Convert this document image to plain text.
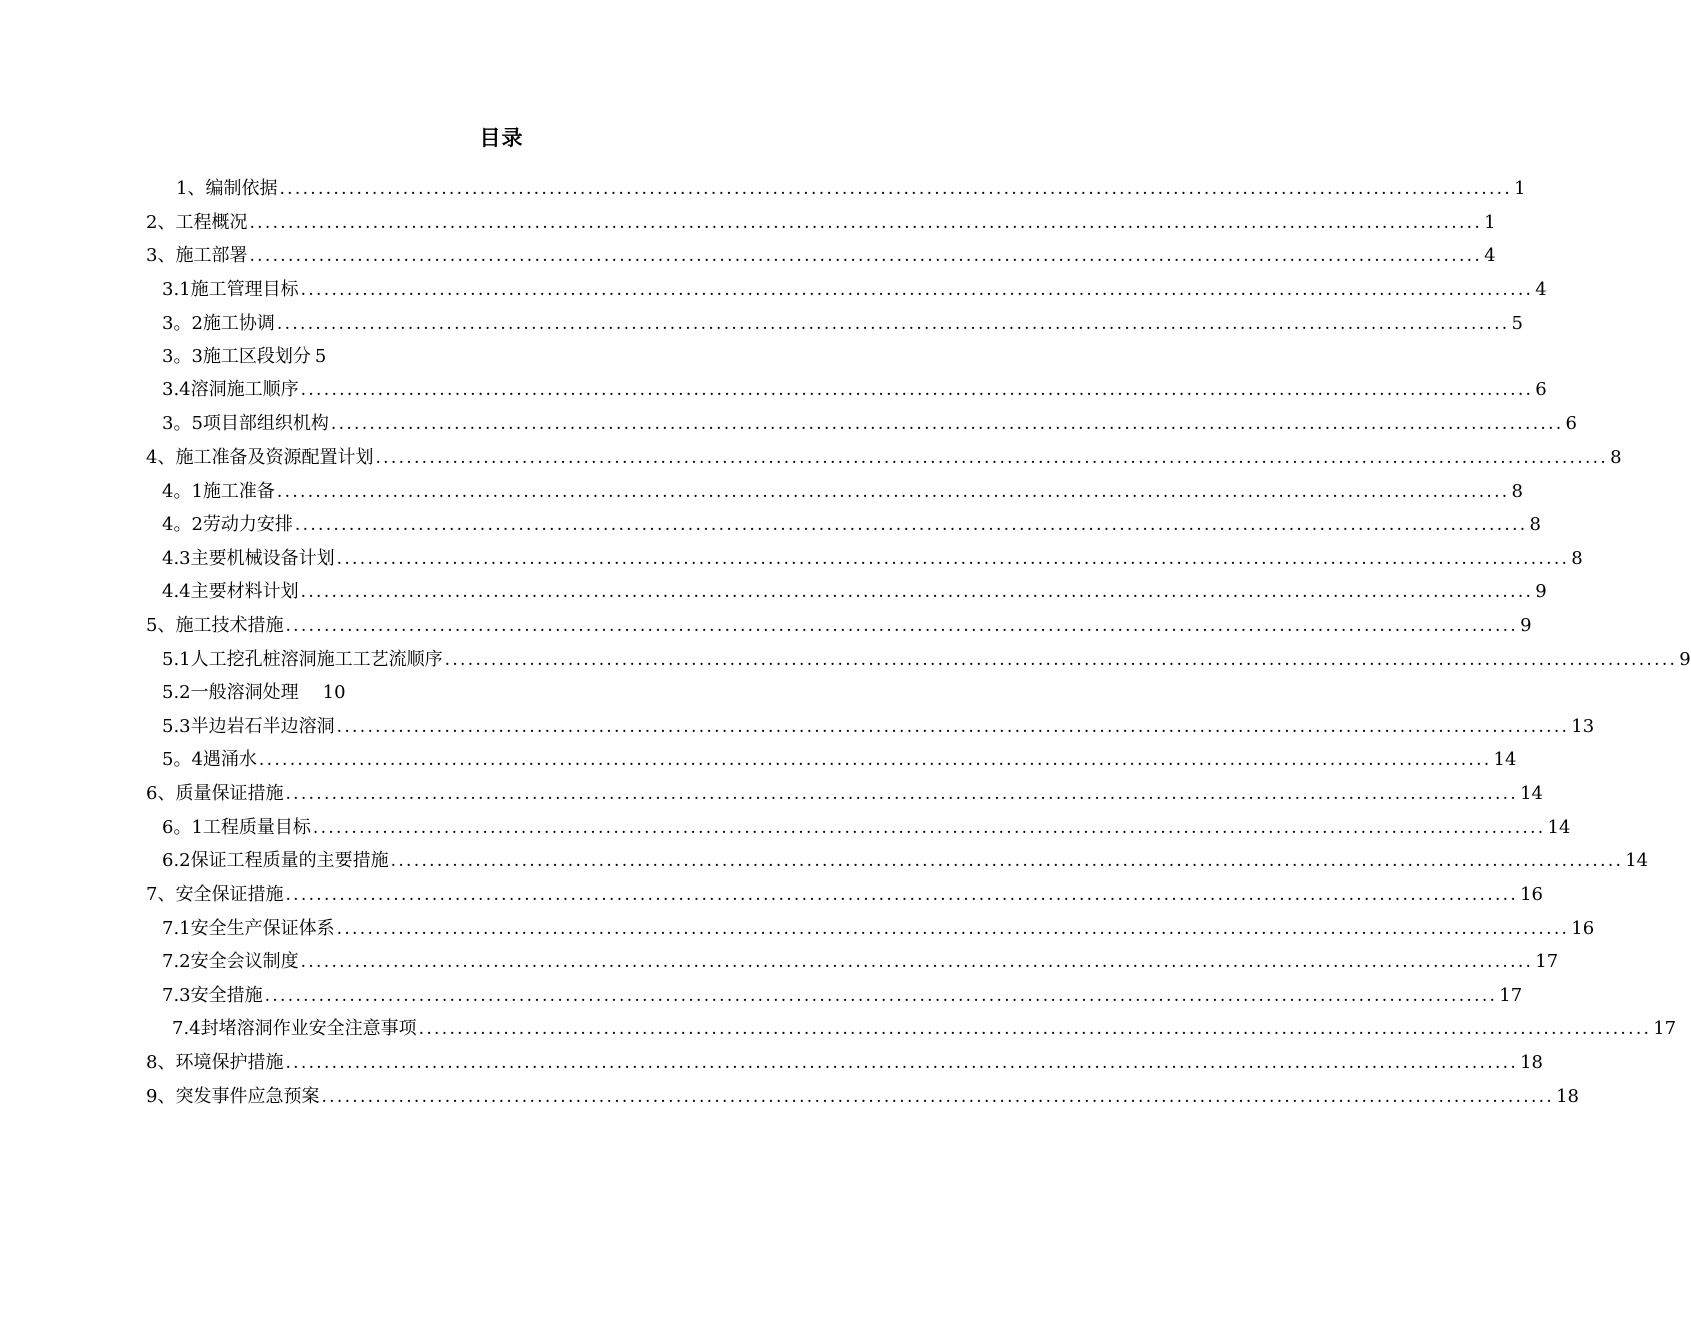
目录
1、编制依据 ................................................................................................................................................................ 1
2、工程概况 ................................................................................................................................................................ 1
3、施工部署 ................................................................................................................................................................ 4
3.1施工管理目标 ................................................................................................................................................................ 4
3。2施工协调 ................................................................................................................................................................ 5
3。3施工区段划分 5
3.4溶洞施工顺序 ................................................................................................................................................................ 6
3。5项目部组织机构 ................................................................................................................................................................ 6
4、施工准备及资源配置计划 ................................................................................................................................................................ 8
4。1施工准备 ................................................................................................................................................................ 8
4。2劳动力安排 ................................................................................................................................................................ 8
4.3主要机械设备计划 ................................................................................................................................................................ 8
4.4主要材料计划 ................................................................................................................................................................ 9
5、施工技术措施 ................................................................................................................................................................ 9
5.1人工挖孔桩溶洞施工工艺流顺序 ................................................................................................................................................................ 9
5.2一般溶洞处理 10
5.3半边岩石半边溶洞 ................................................................................................................................................................ 13
5。4遇涌水 ................................................................................................................................................................ 14
6、质量保证措施 ................................................................................................................................................................ 14
6。1工程质量目标 ................................................................................................................................................................ 14
6.2保证工程质量的主要措施 ................................................................................................................................................................ 14
7、安全保证措施 ................................................................................................................................................................ 16
7.1安全生产保证体系 ................................................................................................................................................................ 16
7.2安全会议制度 ................................................................................................................................................................ 17
7.3安全措施 ................................................................................................................................................................ 17
7.4封堵溶洞作业安全注意事项 ................................................................................................................................................................ 17
8、环境保护措施 ................................................................................................................................................................ 18
9、突发事件应急预案 ................................................................................................................................................................ 18
